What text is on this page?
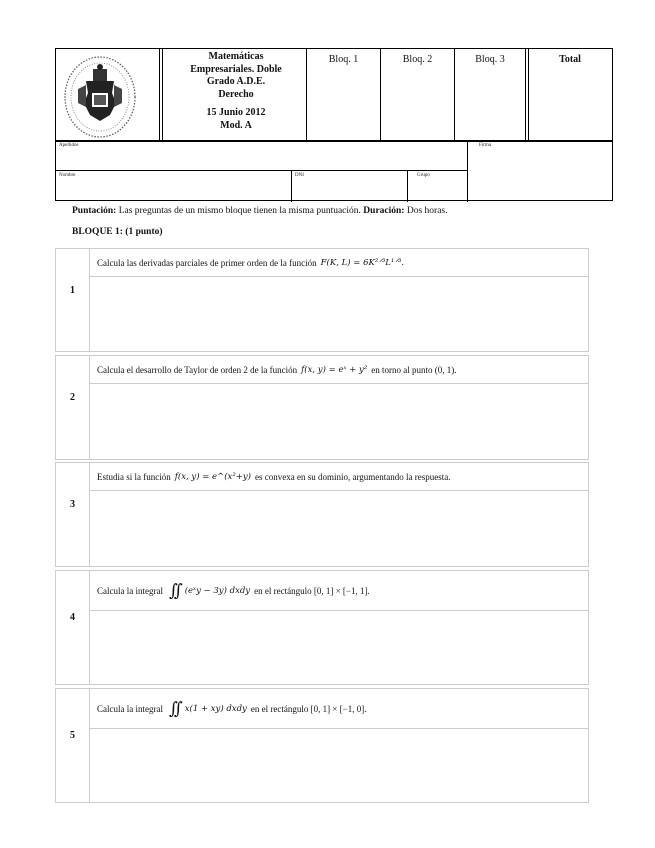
Matemáticas
Empresariales. Doble
Grado A.D.E.
Derecho
15 Junio 2012
Mod. A
Bloq. 1	Bloq. 2	Bloq. 3	Total
Apellidos	Firma
Nombre	DNI	Grupo
Puntación: Las preguntas de un mismo bloque tienen la misma puntuación. Duración: Dos horas.
BLOQUE 1: (1 punto)
1
Calcula las derivadas parciales de primer orden de la función F(K, L) = 6K²ᐟ³L¹ᐟ³.
2
Calcula el desarrollo de Taylor de orden 2 de la función f(x, y) = eˣ + y² en torno al punto (0, 1).
3
Estudia si la función f(x, y) = e^(x²+y) es convexa en su dominio, argumentando la respuesta.
4
Calcula la integral ∫∫ (eˣy − 3y) dxdy en el rectángulo [0, 1] × [−1, 1].
5
Calcula la integral ∫∫ x(1 + xy) dxdy en el rectángulo [0, 1] × [−1, 0].
